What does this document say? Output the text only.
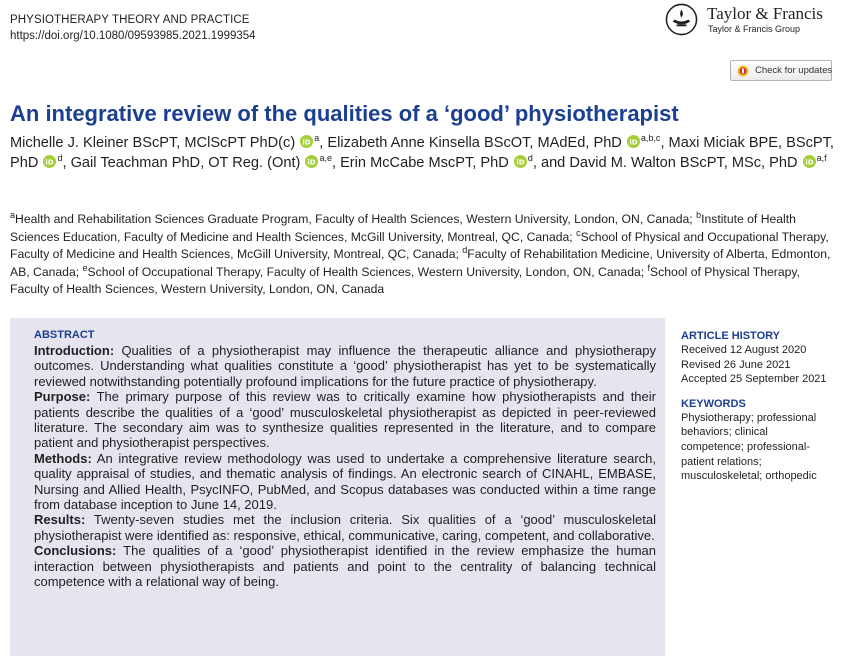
PHYSIOTHERAPY THEORY AND PRACTICE
https://doi.org/10.1080/09593985.2021.1999354
Taylor & Francis
Taylor & Francis Group
Check for updates
An integrative review of the qualities of a ‘good’ physiotherapist
Michelle J. Kleiner BScPT, MClScPT PhD(c) iD $^a$, Elizabeth Anne Kinsella BScOT, MAdEd, PhD iD $^{a,b,c}$, Maxi Miciak BPE, BScPT, PhD iD $^d$, Gail Teachman PhD, OT Reg. (Ont) iD $^{a,e}$, Erin McCabe MscPT, PhD iD $^d$, and David M. Walton BScPT, MSc, PhD iD $^{a,f}$
$^a$Health and Rehabilitation Sciences Graduate Program, Faculty of Health Sciences, Western University, London, ON, Canada; $^b$Institute of Health Sciences Education, Faculty of Medicine and Health Sciences, McGill University, Montreal, QC, Canada; $^c$School of Physical and Occupational Therapy, Faculty of Medicine and Health Sciences, McGill University, Montreal, QC, Canada; $^d$Faculty of Rehabilitation Medicine, University of Alberta, Edmonton, AB, Canada; $^e$School of Occupational Therapy, Faculty of Health Sciences, Western University, London, ON, Canada; $^f$School of Physical Therapy, Faculty of Health Sciences, Western University, London, ON, Canada
ABSTRACT

Introduction: Qualities of a physiotherapist may influence the therapeutic alliance and physiotherapy outcomes. Understanding what qualities constitute a ‘good’ physiotherapist has yet to be systematically reviewed notwithstanding potentially profound implications for the future practice of physiotherapy.

Purpose: The primary purpose of this review was to critically examine how physiotherapists and their patients describe the qualities of a ‘good’ musculoskeletal physiotherapist as depicted in peer-reviewed literature. The secondary aim was to synthesize qualities represented in the literature, and to compare patient and physiotherapist perspectives.

Methods: An integrative review methodology was used to undertake a comprehensive literature search, quality appraisal of studies, and thematic analysis of findings. An electronic search of CINAHL, EMBASE, Nursing and Allied Health, PsycINFO, PubMed, and Scopus databases was conducted within a time range from database inception to June 14, 2019.

Results: Twenty-seven studies met the inclusion criteria. Six qualities of a ‘good’ musculoskeletal physiotherapist were identified as: responsive, ethical, communicative, caring, competent, and collaborative.

Conclusions: The qualities of a ‘good’ physiotherapist identified in the review emphasize the human interaction between physiotherapists and patients and point to the centrality of balancing technical competence with a relational way of being.

ARTICLE HISTORY
Received 12 August 2020
Revised 26 June 2021
Accepted 25 September 2021
KEYWORDS
Physiotherapy; professional behaviors; clinical competence; professional-patient relations; musculoskeletal; orthopedic
